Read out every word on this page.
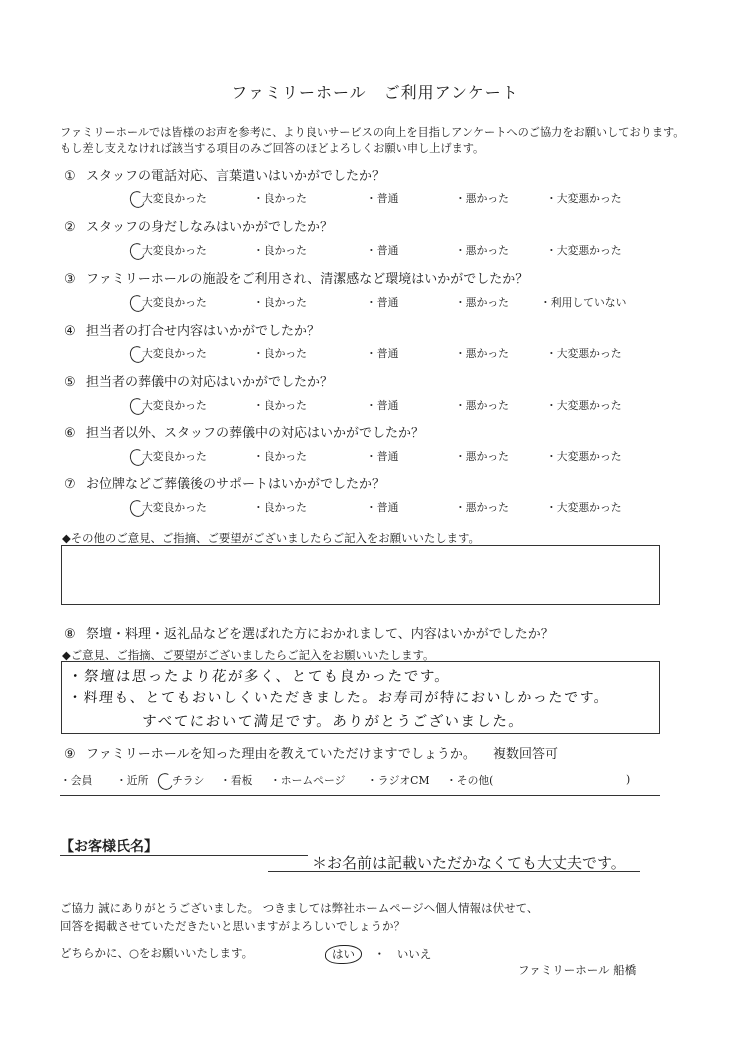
ファミリーホール　ご利用アンケート
ファミリーホールでは皆様のお声を参考に、より良いサービスの向上を目指しアンケートへのご協力をお願いしております。
もし差し支えなければ該当する項目のみご回答のほどよろしくお願い申し上げます。
① スタッフの電話対応、言葉遣いはいかがでしたか？
大変良かった	・良かった	・普通	・悪かった	・大変悪かった
② スタッフの身だしなみはいかがでしたか？
大変良かった	・良かった	・普通	・悪かった	・大変悪かった
③ ファミリーホールの施設をご利用され、清潔感など環境はいかがでしたか？
大変良かった	・良かった	・普通	・悪かった	・利用していない
④ 担当者の打合せ内容はいかがでしたか？
大変良かった	・良かった	・普通	・悪かった	・大変悪かった
⑤ 担当者の葬儀中の対応はいかがでしたか？
大変良かった	・良かった	・普通	・悪かった	・大変悪かった
⑥ 担当者以外、スタッフの葬儀中の対応はいかがでしたか？
大変良かった	・良かった	・普通	・悪かった	・大変悪かった
⑦ お位牌などご葬儀後のサポートはいかがでしたか？
大変良かった	・良かった	・普通	・悪かった	・大変悪かった
◆その他のご意見、ご指摘、ご要望がございましたらご記入をお願いいたします。
⑧ 祭壇・料理・返礼品などを選ばれた方におかれまして、内容はいかがでしたか？
◆ご意見、ご指摘、ご要望がございましたらご記入をお願いいたします。
・祭壇は思ったより花が多く、とても良かったです。
・料理も、とてもおいしくいただきました。お寿司が特においしかったです。
すべてにおいて満足です。ありがとうございました。
⑨ ファミリーホールを知った理由を教えていただけますでしょうか。 複数回答可
・会員 ・近所 チラシ ・看板 ・ホームページ ・ラジオCM ・その他(	)
【お客様氏名】
＊お名前は記載いただかなくても大丈夫です。
ご協力 誠にありがとうございました。 つきましては弊社ホームページへ個人情報は伏せて、
回答を掲載させていただきたいと思いますがよろしいでしょうか？
どちらかに、○をお願いいたします。	はい ・ いいえ
ファミリーホール 船橋
